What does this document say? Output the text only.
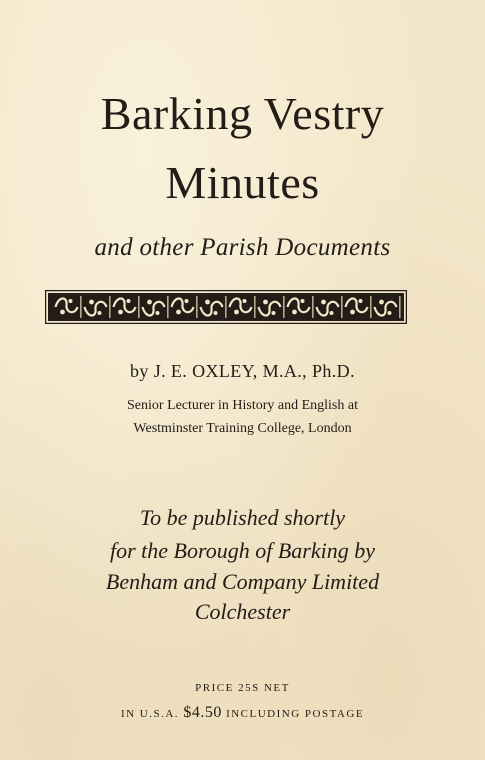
Barking Vestry
Minutes
and other Parish Documents
by J. E. OXLEY, M.A., Ph.D.
Senior Lecturer in History and English at
Westminster Training College, London
To be published shortly
for the Borough of Barking by
Benham and Company Limited
Colchester
PRICE 25S NET
IN U.S.A. $4.50 INCLUDING POSTAGE
